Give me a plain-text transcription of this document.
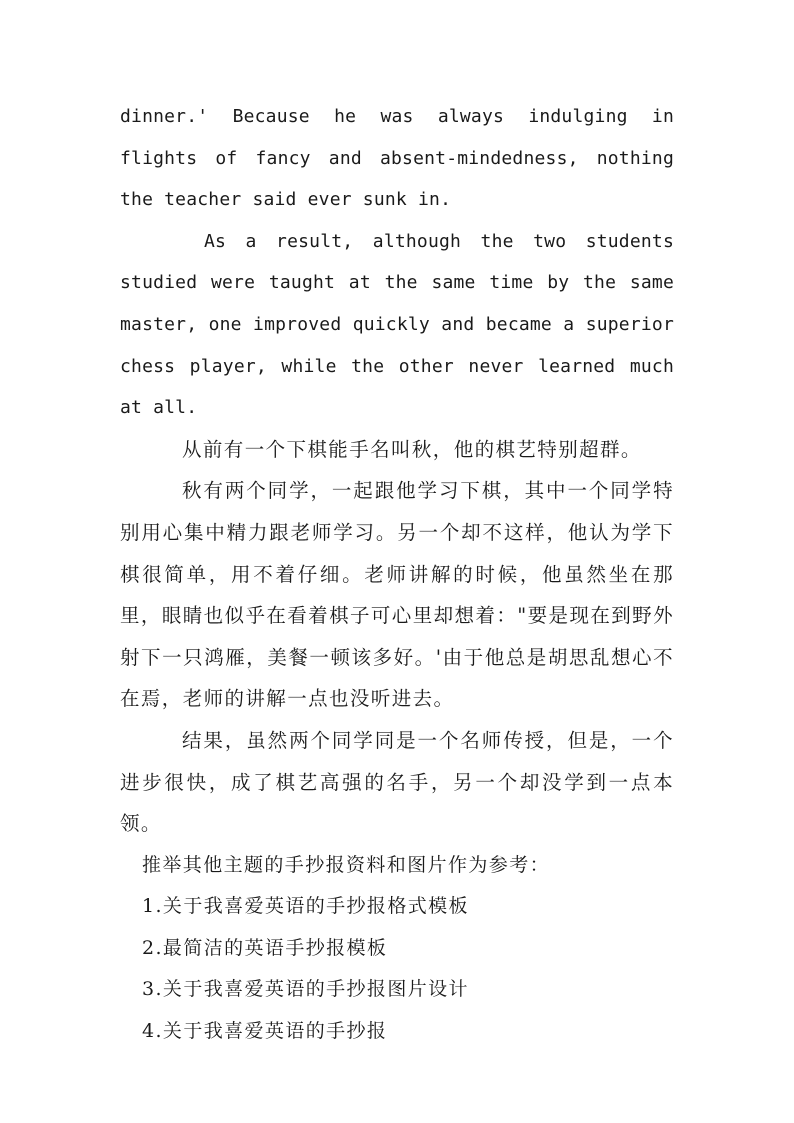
dinner.' Because he was always indulging in flights of fancy and absent-mindedness, nothing the teacher said ever sunk in.

As a result, although the two students studied were taught at the same time by the same master, one improved quickly and became a superior chess player, while the other never learned much at all.

从前有一个下棋能手名叫秋，他的棋艺特别超群。

秋有两个同学，一起跟他学习下棋，其中一个同学特别用心集中精力跟老师学习。另一个却不这样，他认为学下棋很简单，用不着仔细。老师讲解的时候，他虽然坐在那里，眼睛也似乎在看着棋子可心里却想着："要是现在到野外射下一只鸿雁，美餐一顿该多好。'由于他总是胡思乱想心不在焉，老师的讲解一点也没听进去。

结果，虽然两个同学同是一个名师传授，但是，一个进步很快，成了棋艺高强的名手，另一个却没学到一点本领。

推举其他主题的手抄报资料和图片作为参考：

1.关于我喜爱英语的手抄报格式模板

2.最简洁的英语手抄报模板

3.关于我喜爱英语的手抄报图片设计

4.关于我喜爱英语的手抄报
